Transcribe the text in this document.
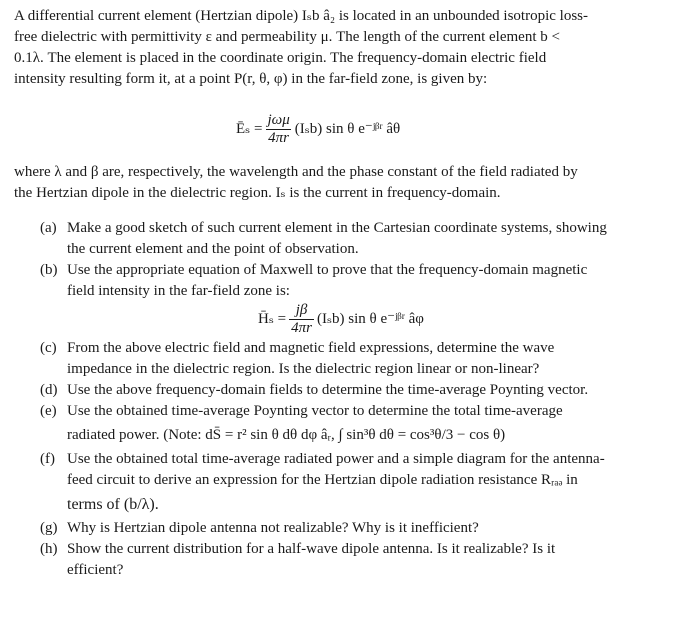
A differential current element (Hertzian dipole) Iₛb â₂ is located in an unbounded isotropic loss-
free dielectric with permittivity ε and permeability μ. The length of the current element b <
0.1λ. The element is placed in the coordinate origin. The frequency-domain electric field
intensity resulting form it, at a point P(r, θ, φ) in the far-field zone, is given by:
Ēₛ = $\frac{\text{jωμ}}{4\pi r} (I_sb)$ sin θ e⁻ʲᵝʳ âθ
where λ and β are, respectively, the wavelength and the phase constant of the field radiated by
the Hertzian dipole in the dielectric region. Iₛ is the current in frequency-domain.
(a) Make a good sketch of such current element in the Cartesian coordinate systems, showing
the current element and the point of observation.
(b) Use the appropriate equation of Maxwell to prove that the frequency-domain magnetic
field intensity in the far-field zone is:
H̄ₛ = $\frac{j\beta}{4\pi r} (I_sb)$ sin θ e⁻ʲᵝʳ âφ
(c) From the above electric field and magnetic field expressions, determine the wave
impedance in the dielectric region. Is the dielectric region linear or non-linear?
(d) Use the above frequency-domain fields to determine the time-average Poynting vector.
(e) Use the obtained time-average Poynting vector to determine the total time-average
radiated power. (Note: dS̄ = r² sin θ dθ dφ âᵣ, ∫ sin³θ dθ = cos³θ/3 − cos θ)
(f) Use the obtained total time-average radiated power and a simple diagram for the antenna-
feed circuit to derive an expression for the Hertzian dipole radiation resistance Rᵣₐₔ in
terms of (b/λ).
(g) Why is Hertzian dipole antenna not realizable? Why is it inefficient?
(h) Show the current distribution for a half-wave dipole antenna. Is it realizable? Is it
efficient?
